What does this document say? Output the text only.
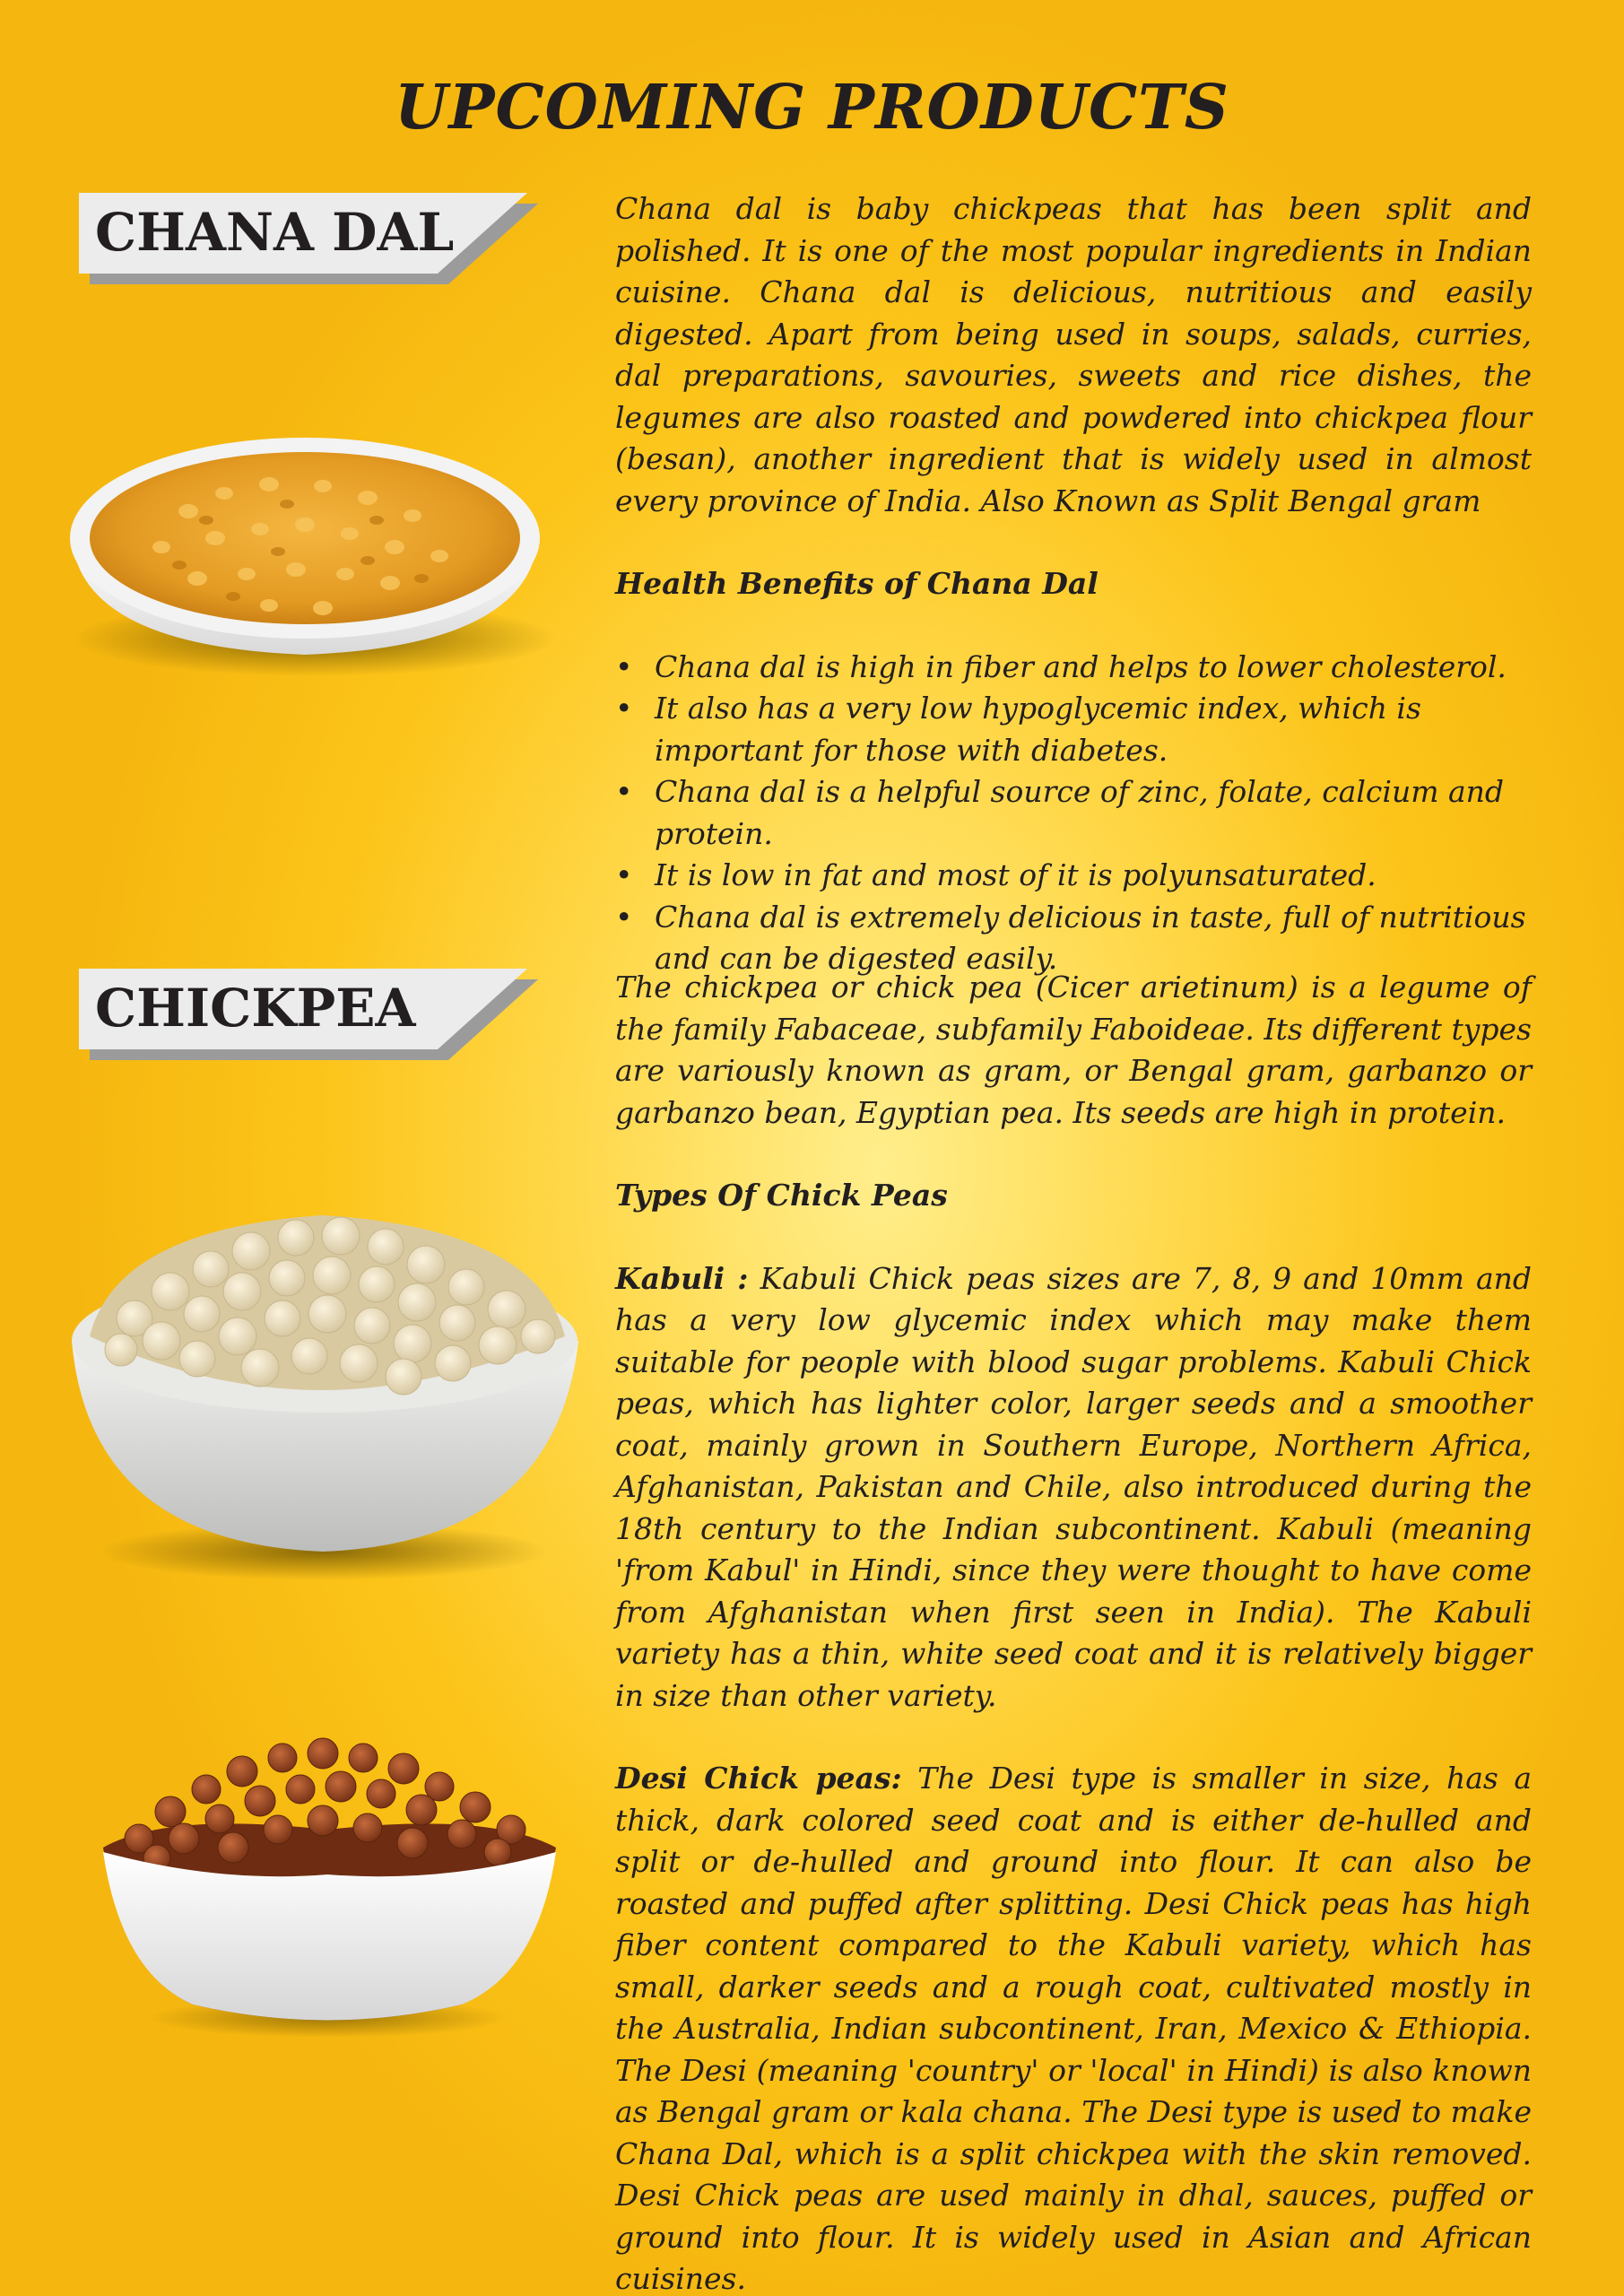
UPCOMING PRODUCTS
CHANA DAL	Chana dal is baby chickpeas that has been split and polished. It is one of the most popular ingredients in Indian cuisine. Chana dal is delicious, nutritious and easily digested. Apart from being used in soups, salads, curries, dal preparations, savouries, sweets and rice dishes, the legumes are also roasted and powdered into chickpea flour (besan), another ingredient that is widely used in almost every province of India. Also Known as Split Bengal gram

Health Benefits of Chana Dal

• Chana dal is high in fiber and helps to lower cholesterol.
• It also has a very low hypoglycemic index, which is important for those with diabetes.
• Chana dal is a helpful source of zinc, folate, calcium and protein.
• It is low in fat and most of it is polyunsaturated.
• Chana dal is extremely delicious in taste, full of nutritious and can be digested easily.
CHICKPEA	The chickpea or chick pea (Cicer arietinum) is a legume of the family Fabaceae, subfamily Faboideae. Its different types are variously known as gram, or Bengal gram, garbanzo or garbanzo bean, Egyptian pea. Its seeds are high in protein.

Types Of Chick Peas

Kabuli : Kabuli Chick peas sizes are 7, 8, 9 and 10mm and has a very low glycemic index which may make them suitable for people with blood sugar problems. Kabuli Chick peas, which has lighter color, larger seeds and a smoother coat, mainly grown in Southern Europe, Northern Africa, Afghanistan, Pakistan and Chile, also introduced during the 18th century to the Indian subcontinent. Kabuli (meaning 'from Kabul' in Hindi, since they were thought to have come from Afghanistan when first seen in India). The Kabuli variety has a thin, white seed coat and it is relatively bigger in size than other variety.

Desi Chick peas: The Desi type is smaller in size, has a thick, dark colored seed coat and is either de-hulled and split or de-hulled and ground into flour. It can also be roasted and puffed after splitting. Desi Chick peas has high fiber content compared to the Kabuli variety, which has small, darker seeds and a rough coat, cultivated mostly in the Australia, Indian subcontinent, Iran, Mexico & Ethiopia. The Desi (meaning 'country' or 'local' in Hindi) is also known as Bengal gram or kala chana. The Desi type is used to make Chana Dal, which is a split chickpea with the skin removed. Desi Chick peas are used mainly in dhal, sauces, puffed or ground into flour. It is widely used in Asian and African cuisines.
